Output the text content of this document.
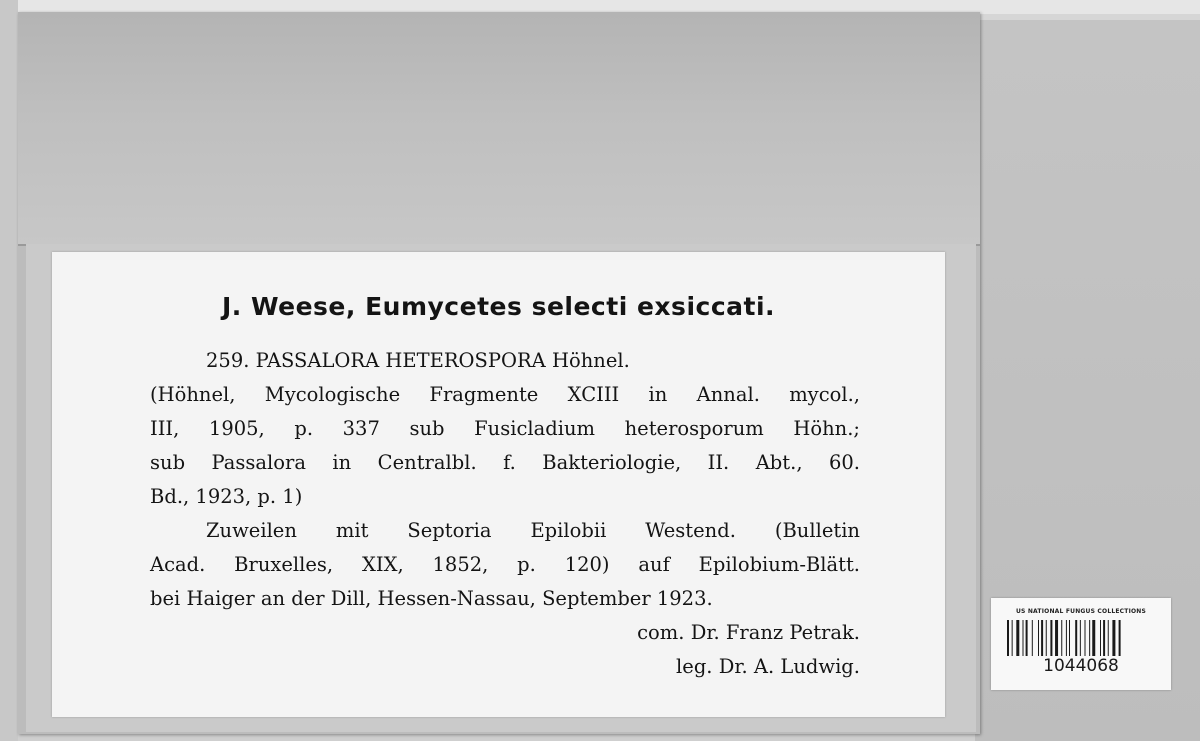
J. Weese, Eumycetes selecti exsiccati.
259. PASSALORA HETEROSPORA Höhnel.
(Höhnel, Mycologische Fragmente XCIII in Annal. mycol.,
III, 1905, p. 337 sub Fusicladium heterosporum Höhn.;
sub Passalora in Centralbl. f. Bakteriologie, II. Abt., 60.
Bd., 1923, p. 1)
Zuweilen mit Septoria Epilobii Westend. (Bulletin
Acad. Bruxelles, XIX, 1852, p. 120) auf Epilobium-Blätt.
bei Haiger an der Dill, Hessen-Nassau, September 1923.
com. Dr. Franz Petrak.
leg. Dr. A. Ludwig.
US NATIONAL FUNGUS COLLECTIONS
1044068
